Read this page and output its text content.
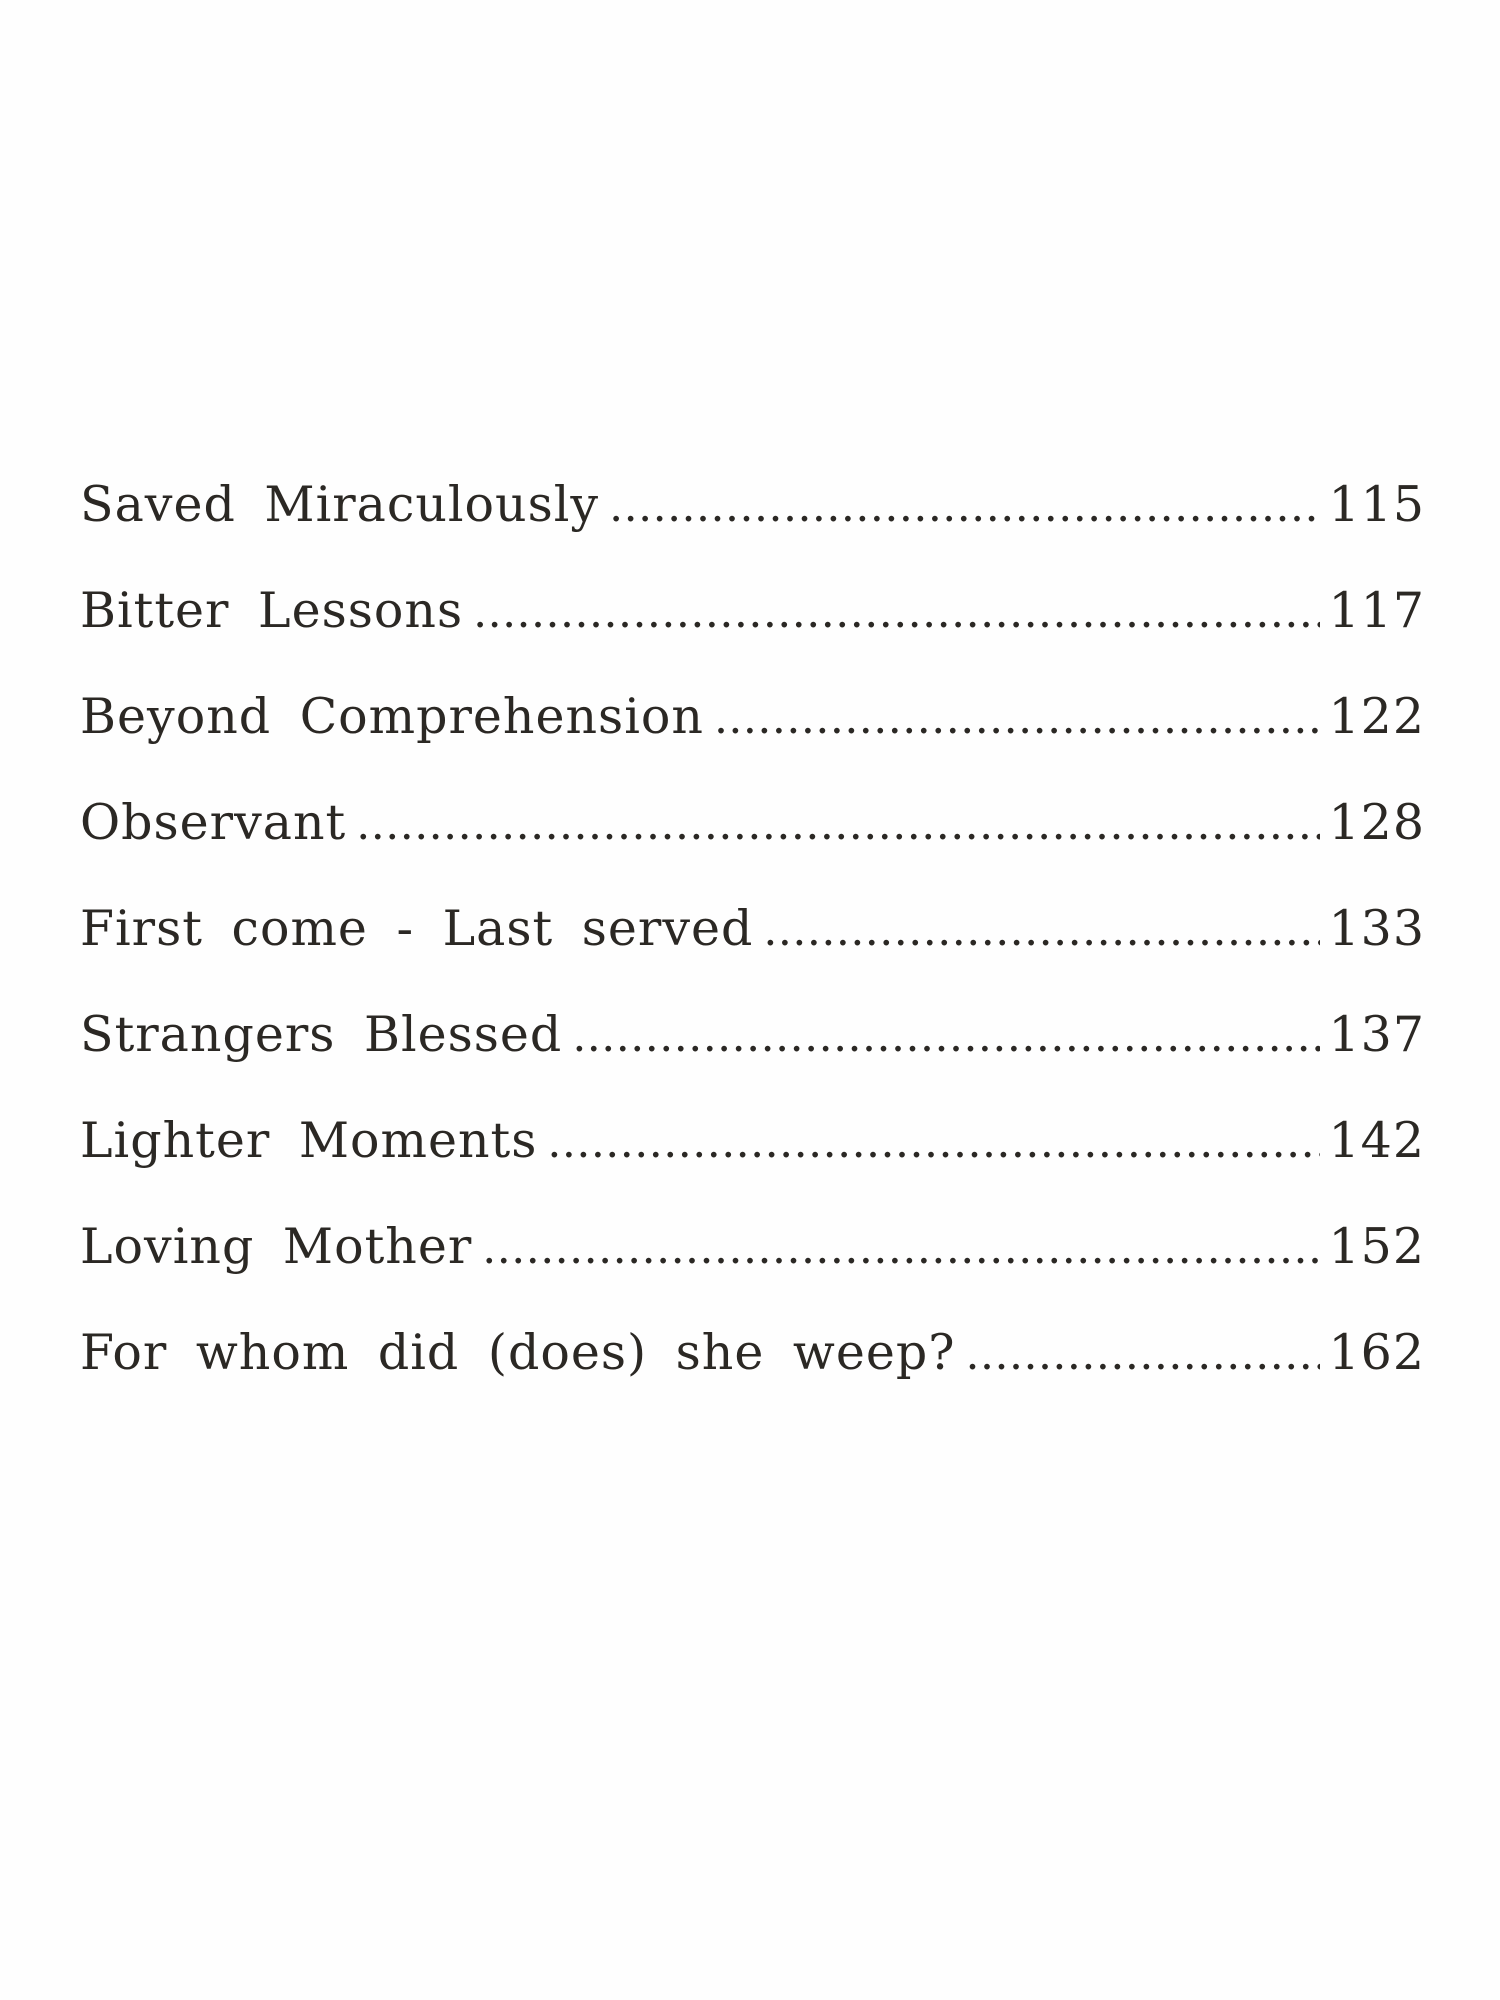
Saved Miraculously .....	115
Bitter Lessons .....	117
Beyond Comprehension .....	122
Observant .....	128
First come - Last served .....	133
Strangers Blessed .....	137
Lighter Moments .....	142
Loving Mother .....	152
For whom did (does) she weep? .....	162
